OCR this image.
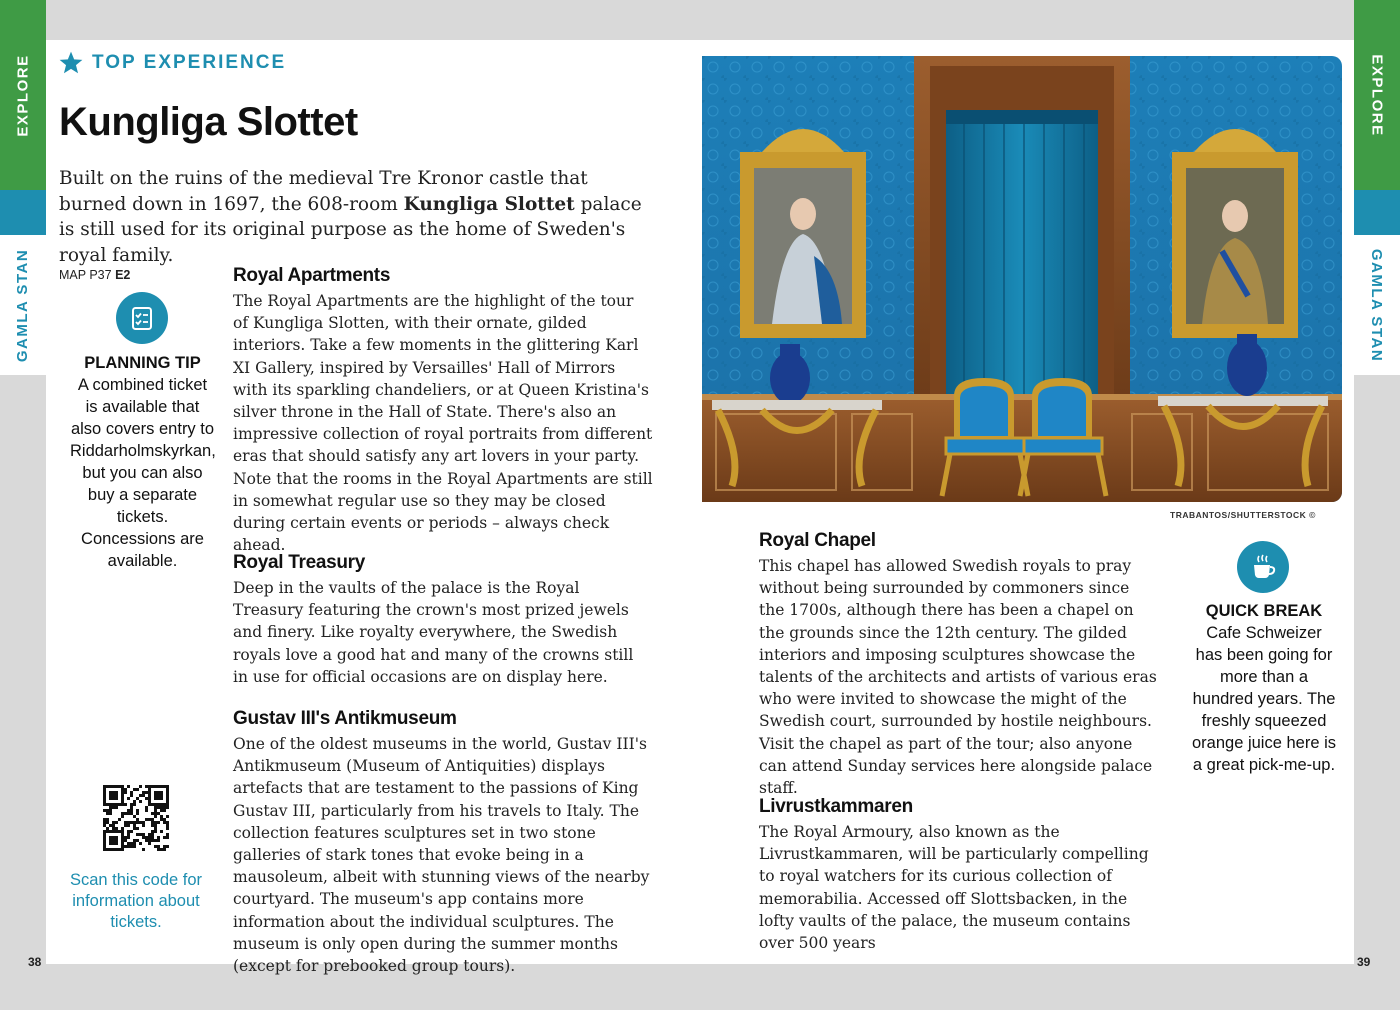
EXPLORE
GAMLA STAN
EXPLORE
GAMLA STAN
38	39
TOP EXPERIENCE
Kungliga Slottet
Built on the ruins of the medieval Tre Kronor castle that burned down in 1697, the 608-room Kungliga Slottet palace is still used for its original purpose as the home of Sweden's royal family.
MAP P37 E2
PLANNING TIP
A combined ticket is available that also covers entry to Riddarholmskyrkan, but you can also buy a separate tickets. Concessions are available.
Scan this code for information about tickets.
Royal Apartments

The Royal Apartments are the highlight of the tour of Kungliga Slotten, with their ornate, gilded interiors. Take a few moments in the glittering Karl XI Gallery, inspired by Versailles' Hall of Mirrors with its sparkling chandeliers, or at Queen Kristina's silver throne in the Hall of State. There's also an impressive collection of royal portraits from different eras that should satisfy any art lovers in your party. Note that the rooms in the Royal Apartments are still in somewhat regular use so they may be closed during certain events or periods – always check ahead.

Royal Treasury

Deep in the vaults of the palace is the Royal Treasury featuring the crown's most prized jewels and finery. Like royalty everywhere, the Swedish royals love a good hat and many of the crowns still in use for official occasions are on display here.

Gustav III's Antikmuseum

One of the oldest museums in the world, Gustav III's Antikmuseum (Museum of Antiquities) displays artefacts that are testament to the passions of King Gustav III, particularly from his travels to Italy. The collection features sculptures set in two stone galleries of stark tones that evoke being in a mausoleum, albeit with stunning views of the nearby courtyard. The museum's app contains more information about the individual sculptures. The museum is only open during the summer months (except for prebooked group tours).

TRABANTOS/SHUTTERSTOCK ©
Royal Chapel

This chapel has allowed Swedish royals to pray without being surrounded by commoners since the 1700s, although there has been a chapel on the grounds since the 12th century. The gilded interiors and imposing sculptures showcase the talents of the architects and artists of various eras who were invited to showcase the might of the Swedish court, surrounded by hostile neighbours. Visit the chapel as part of the tour; also anyone can attend Sunday services here alongside palace staff.

Livrustkammaren

The Royal Armoury, also known as the Livrustkammaren, will be particularly compelling to royal watchers for its curious collection of memorabilia. Accessed off Slottsbacken, in the lofty vaults of the palace, the museum contains over 500 years

QUICK BREAK
Cafe Schweizer has been going for more than a hundred years. The freshly squeezed orange juice here is a great pick-me-up.
